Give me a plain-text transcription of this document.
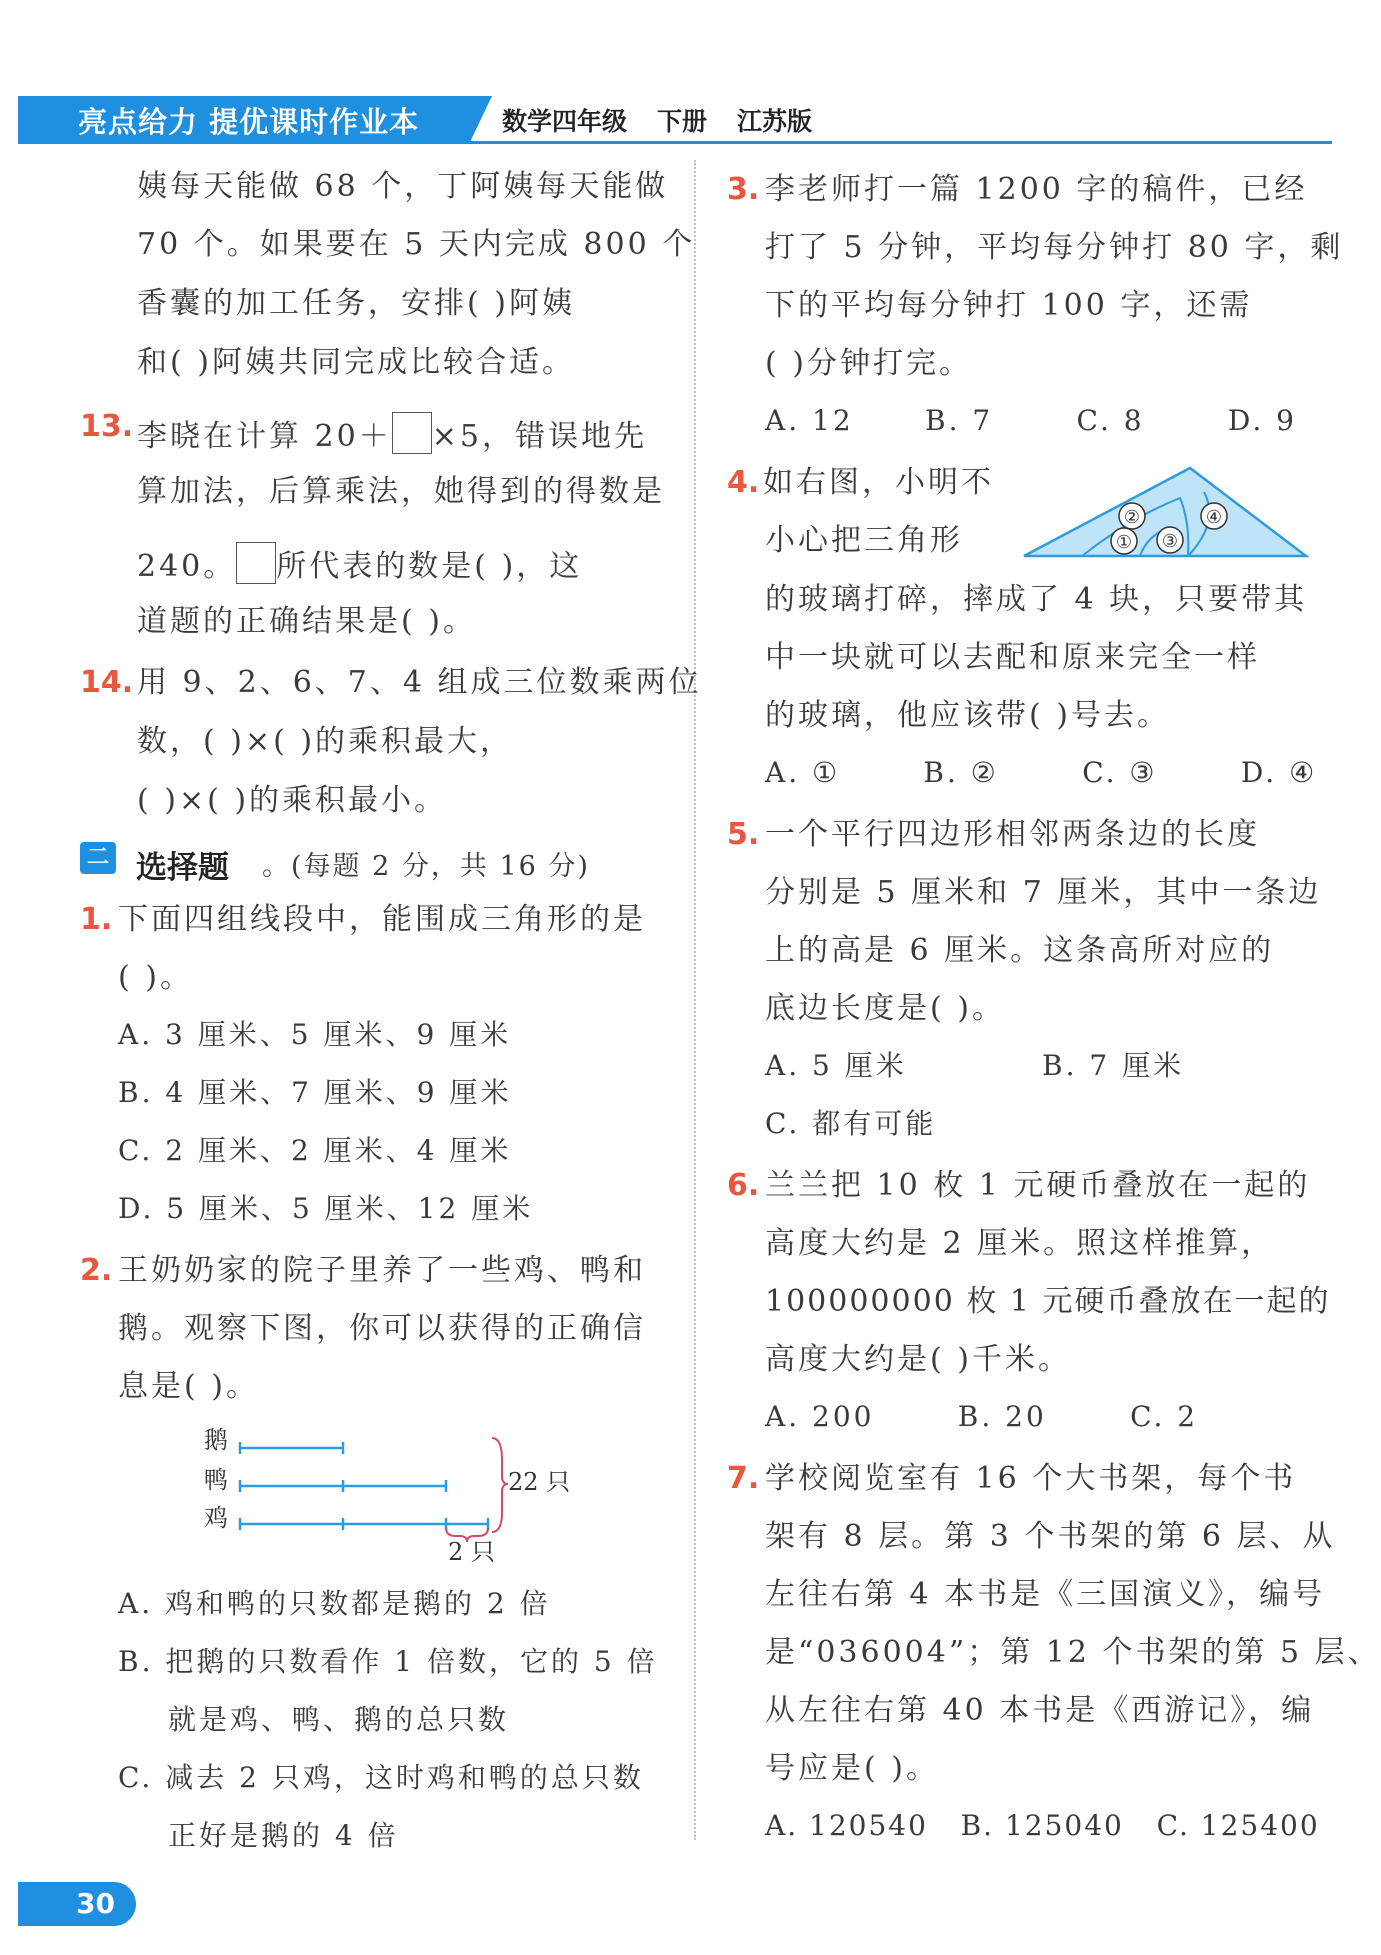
亮点给力 提优课时作业本	数学四年级 下册 江苏版
姨每天能做 68 个，丁阿姨每天能做
70 个。如果要在 5 天内完成 800 个
香囊的加工任务，安排( )阿姨
和( )阿姨共同完成比较合适。
13. 李晓在计算 20＋ ×5，错误地先
算加法，后算乘法，她得到的得数是
240。 所代表的数是( )，这
道题的正确结果是( )。
14. 用 9、2、6、7、4 组成三位数乘两位
数，( )×( )的乘积最大，
( )×( )的乘积最小。
二 选择题 。(每题 2 分，共 16 分)
1. 下面四组线段中，能围成三角形的是
( )。
A. 3 厘米、5 厘米、9 厘米
B. 4 厘米、7 厘米、9 厘米
C. 2 厘米、2 厘米、4 厘米
D. 5 厘米、5 厘米、12 厘米
2. 王奶奶家的院子里养了一些鸡、鸭和
鹅。观察下图，你可以获得的正确信
息是( )。
鹅
鸭
鸡
22 只
2 只
A. 鸡和鸭的只数都是鹅的 2 倍
B. 把鹅的只数看作 1 倍数，它的 5 倍
就是鸡、鸭、鹅的总只数
C. 减去 2 只鸡，这时鸡和鸭的总只数
正好是鹅的 4 倍
3. 李老师打一篇 1200 字的稿件，已经
打了 5 分钟，平均每分钟打 80 字，剩
下的平均每分钟打 100 字，还需
( )分钟打完。
A. 12      B. 7       C. 8       D. 9
4. 如右图，小明不
小心把三角形	①
②
③
④
的玻璃打碎，摔成了 4 块，只要带其
中一块就可以去配和原来完全一样
的玻璃，他应该带( )号去。
A. ①       B. ②       C. ③       D. ④
5. 一个平行四边形相邻两条边的长度
分别是 5 厘米和 7 厘米，其中一条边
上的高是 6 厘米。这条高所对应的
底边长度是( )。
A. 5 厘米	B. 7 厘米
C. 都有可能
6. 兰兰把 10 枚 1 元硬币叠放在一起的
高度大约是 2 厘米。照这样推算，
100000000 枚 1 元硬币叠放在一起的
高度大约是( )千米。
A. 200       B. 20       C. 2
7. 学校阅览室有 16 个大书架，每个书
架有 8 层。第 3 个书架的第 6 层、从
左往右第 4 本书是《三国演义》，编号
是“036004”；第 12 个书架的第 5 层、
从左往右第 40 本书是《西游记》，编
号应是( )。
A. 120540   B. 125040   C. 125400
30
